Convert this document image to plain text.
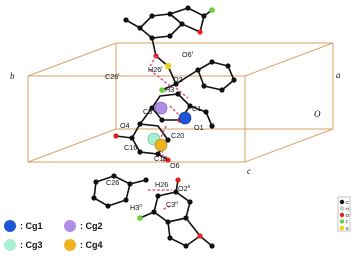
b	a
O
c
$O6^I$
$H26^I$
$C26^I$	O2
H3
C1
C5
O1
O4
C20
C16
C18
O6
C26	H26 $O2^{II}$
$H3^{II}$	$C3^{II}$
: Cg1	: Cg2
: Cg3	: Cg4
C
H
O
F
S
